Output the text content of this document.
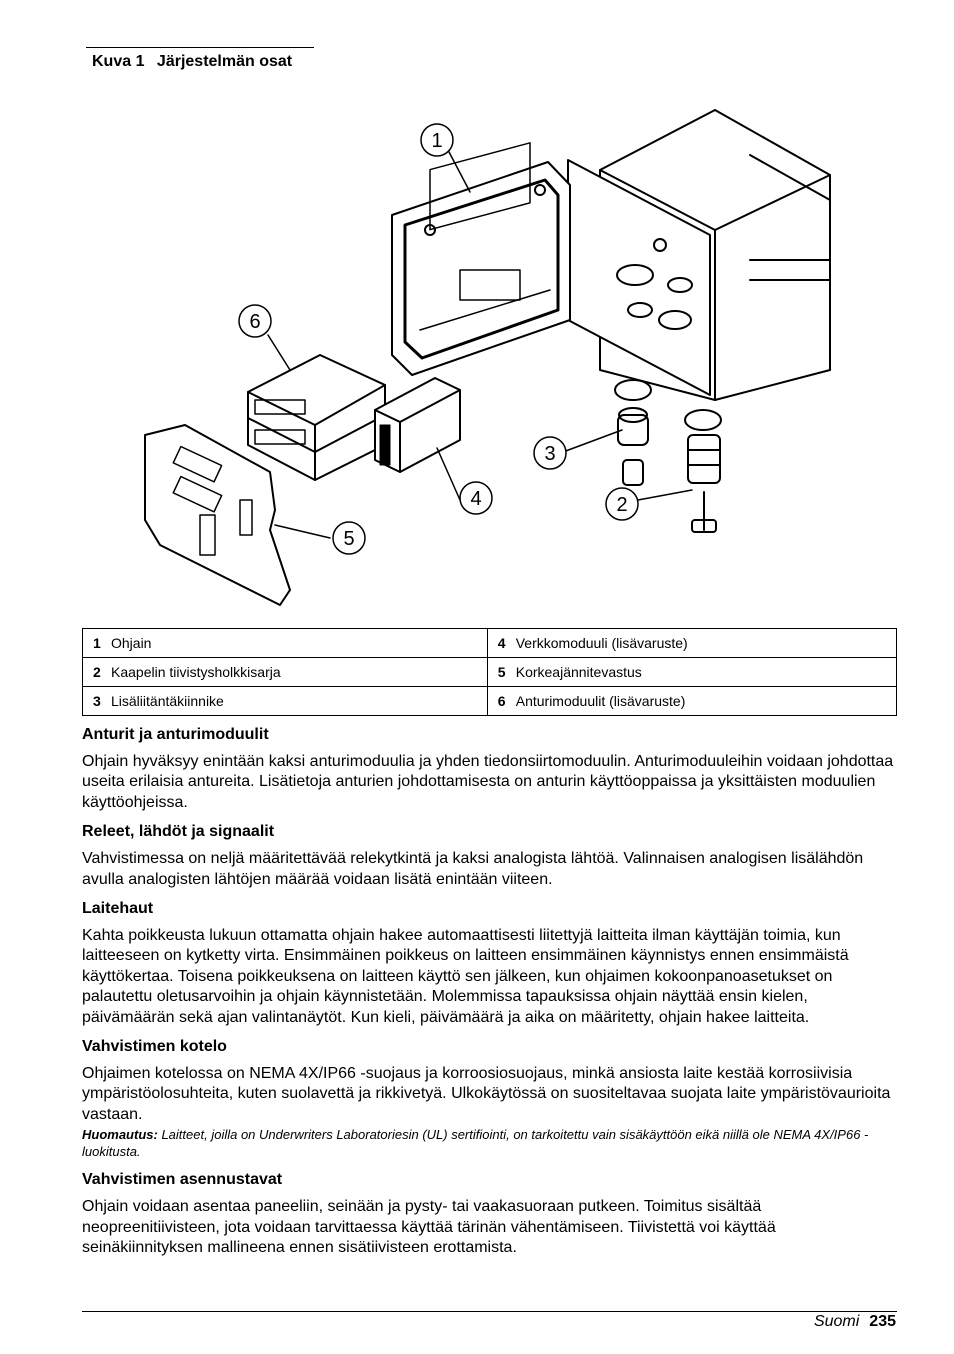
Kuva 1 Järjestelmän osat
1
6
4
5
3
2
1 Ohjain	4 Verkkomoduuli (lisävaruste)
2 Kaapelin tiivistysholkkisarja	5 Korkeajännitevastus
3 Lisäliitäntäkiinnike	6 Anturimoduulit (lisävaruste)
Anturit ja anturimoduulit

Ohjain hyväksyy enintään kaksi anturimoduulia ja yhden tiedonsiirtomoduulin. Anturimoduuleihin voidaan johdottaa useita erilaisia antureita. Lisätietoja anturien johdottamisesta on anturin käyttöoppaissa ja yksittäisten moduulien käyttöohjeissa.

Releet, lähdöt ja signaalit

Vahvistimessa on neljä määritettävää relekytkintä ja kaksi analogista lähtöä. Valinnaisen analogisen lisälähdön avulla analogisten lähtöjen määrää voidaan lisätä enintään viiteen.

Laitehaut

Kahta poikkeusta lukuun ottamatta ohjain hakee automaattisesti liitettyjä laitteita ilman käyttäjän toimia, kun laitteeseen on kytketty virta. Ensimmäinen poikkeus on laitteen ensimmäinen käynnistys ennen ensimmäistä käyttökertaa. Toisena poikkeuksena on laitteen käyttö sen jälkeen, kun ohjaimen kokoonpanoasetukset on palautettu oletusarvoihin ja ohjain käynnistetään. Molemmissa tapauksissa ohjain näyttää ensin kielen, päivämäärän sekä ajan valintanäytöt. Kun kieli, päivämäärä ja aika on määritetty, ohjain hakee laitteita.

Vahvistimen kotelo

Ohjaimen kotelossa on NEMA 4X/IP66 -suojaus ja korroosiosuojaus, minkä ansiosta laite kestää korrosiivisia ympäristöolosuhteita, kuten suolavettä ja rikkivetyä. Ulkokäytössä on suositeltavaa suojata laite ympäristövaurioita vastaan.

Huomautus: Laitteet, joilla on Underwriters Laboratoriesin (UL) sertifiointi, on tarkoitettu vain sisäkäyttöön eikä niillä ole NEMA 4X/IP66 -luokitusta.

Vahvistimen asennustavat

Ohjain voidaan asentaa paneeliin, seinään ja pysty- tai vaakasuoraan putkeen. Toimitus sisältää neopreenitiivisteen, jota voidaan tarvittaessa käyttää tärinän vähentämiseen. Tiivistettä voi käyttää seinäkiinnityksen mallineena ennen sisätiivisteen erottamista.

Suomi 235
